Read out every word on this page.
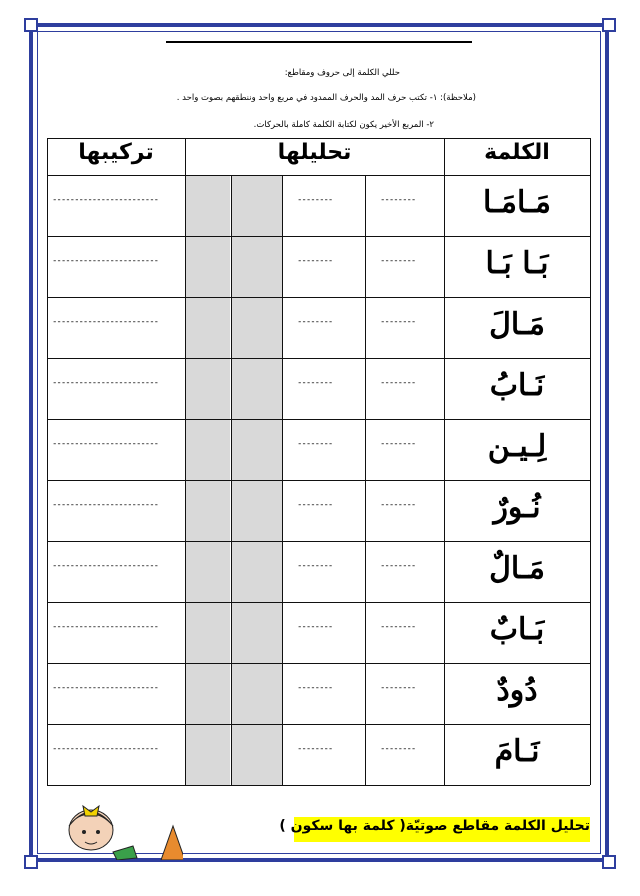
حللي الكلمة إلى حروف ومقاطع:
(ملاحظة): ١- تكتب حرف المد والحرف الممدود في مربع واحد وننطقهم بصوت واحد .
٢- المربع الأخير يكون لكتابة الكلمة كاملة بالحركات.
الكلمة
تحليلها
تركيبها
مَـامَـا
--------
--------
------------------------
بَـا بَـا
--------
--------
------------------------
مَـالَ
--------
--------
------------------------
نَـابُ
--------
--------
------------------------
لِـيـن
--------
--------
------------------------
نُـورٌ
--------
--------
------------------------
مَـالٌ
--------
--------
------------------------
بَـابٌ
--------
--------
------------------------
دُودٌ
--------
--------
------------------------
نَـامَ
--------
--------
------------------------
تحليل الكلمة مقاطع صوتيّة( كلمة بها سكون )
